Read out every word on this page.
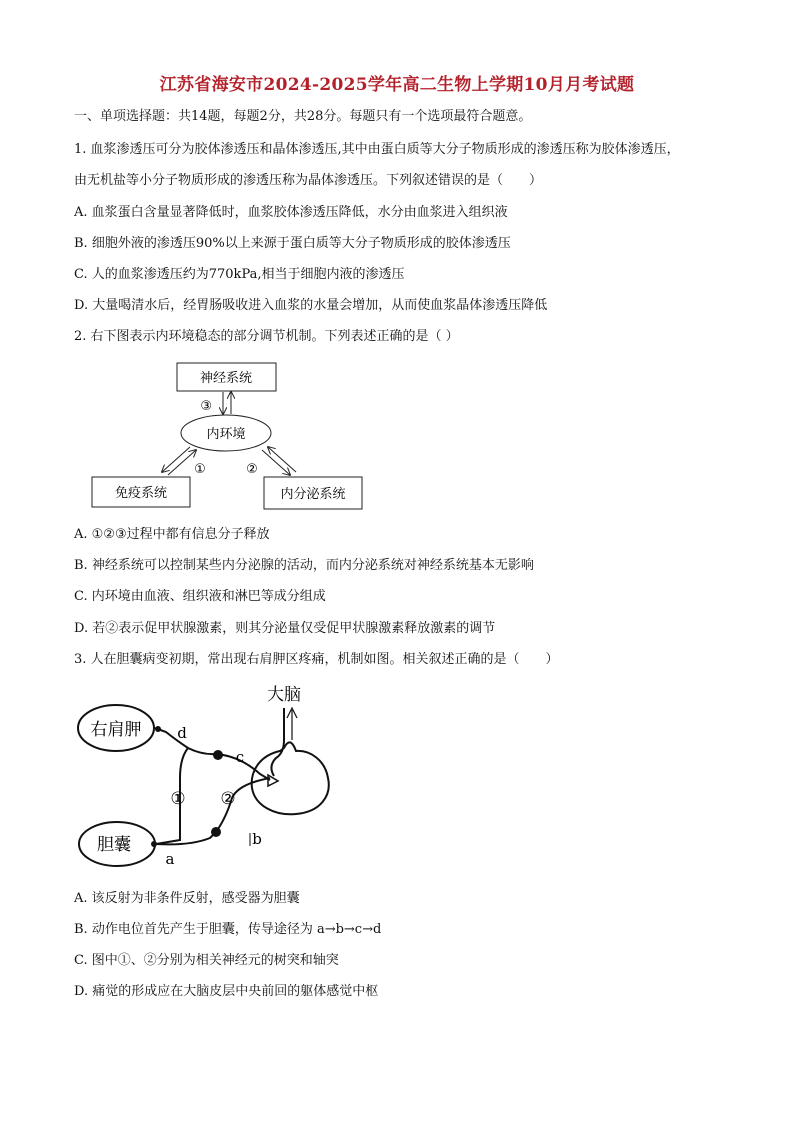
江苏省海安市2024-2025学年高二生物上学期10月月考试题
一、单项选择题：共14题，每题2分，共28分。每题只有一个选项最符合题意。
1. 血浆渗透压可分为胶体渗透压和晶体渗透压,其中由蛋白质等大分子物质形成的渗透压称为胶体渗透压，
由无机盐等小分子物质形成的渗透压称为晶体渗透压。下列叙述错误的是（　　）
A. 血浆蛋白含量显著降低时，血浆胶体渗透压降低，水分由血浆进入组织液
B. 细胞外液的渗透压90%以上来源于蛋白质等大分子物质形成的胶体渗透压
C. 人的血浆渗透压约为770kPa,相当于细胞内液的渗透压
D. 大量喝清水后，经胃肠吸收进入血浆的水量会增加，从而使血浆晶体渗透压降低
2. 右下图表示内环境稳态的部分调节机制。下列表述正确的是（ ）
神经系统
内环境
免疫系统	内分泌系统
③
①	②
A. ①②③过程中都有信息分子释放
B. 神经系统可以控制某些内分泌腺的活动，而内分泌系统对神经系统基本无影响
C. 内环境由血液、组织液和淋巴等成分组成
D. 若②表示促甲状腺激素，则其分泌量仅受促甲状腺激素释放激素的调节
3. 人在胆囊病变初期，常出现右肩胛区疼痛，机制如图。相关叙述正确的是（　　）
大脑
右肩胛
胆囊
d
c
b
a
① ②
A. 该反射为非条件反射，感受器为胆囊
B. 动作电位首先产生于胆囊，传导途径为 a→b→c→d
C. 图中①、②分别为相关神经元的树突和轴突
D. 痛觉的形成应在大脑皮层中央前回的躯体感觉中枢
